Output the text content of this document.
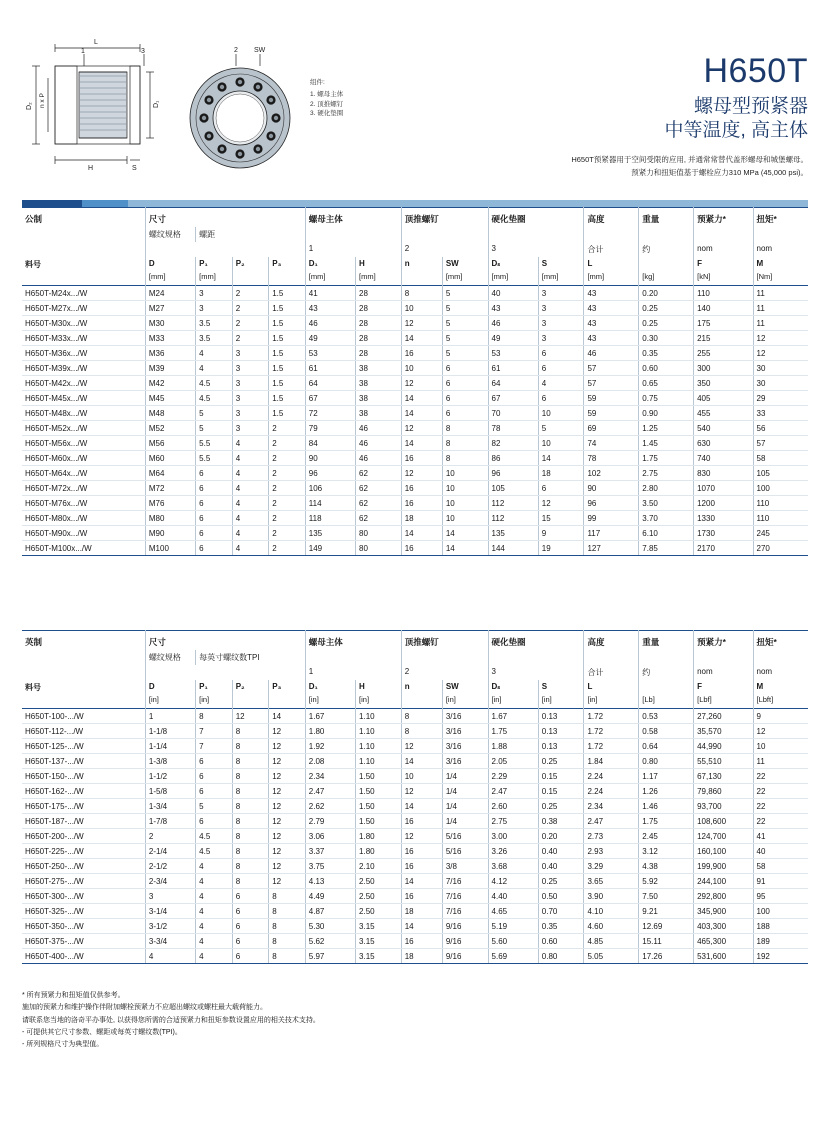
L
1	3
D₂ n x P	D₁
H	S
2 SW
组件:
1. 螺母主体
2. 顶推螺钉
3. 硬化垫圈
H650T
螺母型预紧器
中等温度, 高主体
H650T预紧器用于空间受限的应用, 并通常常替代盖形螺母和城堡螺母。
预紧力和扭矩值基于螺栓应力310 MPa (45,000 psi)。
公制	尺寸				螺母主体		顶推螺钉		硬化垫圈		高度	重量	预紧力*	扭矩*
	螺纹规格	螺距												
					1		2		3		合计	约	nom	nom
料号	D	P₁	P₂	P₃	D₁	H	n	SW	Dₛ	S	L		F	M
	[mm]	[mm]			[mm]	[mm]		[mm]	[mm]	[mm]	[mm]	[kg]	[kN]	[Nm]
H650T-M24x.../W	M24	3	2	1.5	41	28	8	5	40	3	43	0.20	110	11
H650T-M27x.../W	M27	3	2	1.5	43	28	10	5	43	3	43	0.25	140	11
H650T-M30x.../W	M30	3.5	2	1.5	46	28	12	5	46	3	43	0.25	175	11
H650T-M33x.../W	M33	3.5	2	1.5	49	28	14	5	49	3	43	0.30	215	12
H650T-M36x.../W	M36	4	3	1.5	53	28	16	5	53	6	46	0.35	255	12
H650T-M39x.../W	M39	4	3	1.5	61	38	10	6	61	6	57	0.60	300	30
H650T-M42x.../W	M42	4.5	3	1.5	64	38	12	6	64	4	57	0.65	350	30
H650T-M45x.../W	M45	4.5	3	1.5	67	38	14	6	67	6	59	0.75	405	29
H650T-M48x.../W	M48	5	3	1.5	72	38	14	6	70	10	59	0.90	455	33
H650T-M52x.../W	M52	5	3	2	79	46	12	8	78	5	69	1.25	540	56
H650T-M56x.../W	M56	5.5	4	2	84	46	14	8	82	10	74	1.45	630	57
H650T-M60x.../W	M60	5.5	4	2	90	46	16	8	86	14	78	1.75	740	58
H650T-M64x.../W	M64	6	4	2	96	62	12	10	96	18	102	2.75	830	105
H650T-M72x.../W	M72	6	4	2	106	62	16	10	105	6	90	2.80	1070	100
H650T-M76x.../W	M76	6	4	2	114	62	16	10	112	12	96	3.50	1200	110
H650T-M80x.../W	M80	6	4	2	118	62	18	10	112	15	99	3.70	1330	110
H650T-M90x.../W	M90	6	4	2	135	80	14	14	135	9	117	6.10	1730	245
H650T-M100x.../W	M100	6	4	2	149	80	16	14	144	19	127	7.85	2170	270
英制	尺寸				螺母主体		顶推螺钉		硬化垫圈		高度	重量	预紧力*	扭矩*
	螺纹规格	每英寸螺纹数TPI												
					1		2		3		合计	约	nom	nom
料号	D	P₁	P₂	P₃	D₁	H	n	SW	Dₛ	S	L		F	M
	[in]	[in]			[in]	[in]		[in]	[in]	[in]	[in]	[Lb]	[Lbf]	[Lbft]
H650T-100-.../W	1	8	12	14	1.67	1.10	8	3/16	1.67	0.13	1.72	0.53	27,260	9
H650T-112-.../W	1-1/8	7	8	12	1.80	1.10	8	3/16	1.75	0.13	1.72	0.58	35,570	12
H650T-125-.../W	1-1/4	7	8	12	1.92	1.10	12	3/16	1.88	0.13	1.72	0.64	44,990	10
H650T-137-.../W	1-3/8	6	8	12	2.08	1.10	14	3/16	2.05	0.25	1.84	0.80	55,510	11
H650T-150-.../W	1-1/2	6	8	12	2.34	1.50	10	1/4	2.29	0.15	2.24	1.17	67,130	22
H650T-162-.../W	1-5/8	6	8	12	2.47	1.50	12	1/4	2.47	0.15	2.24	1.26	79,860	22
H650T-175-.../W	1-3/4	5	8	12	2.62	1.50	14	1/4	2.60	0.25	2.34	1.46	93,700	22
H650T-187-.../W	1-7/8	6	8	12	2.79	1.50	16	1/4	2.75	0.38	2.47	1.75	108,600	22
H650T-200-.../W	2	4.5	8	12	3.06	1.80	12	5/16	3.00	0.20	2.73	2.45	124,700	41
H650T-225-.../W	2-1/4	4.5	8	12	3.37	1.80	16	5/16	3.26	0.40	2.93	3.12	160,100	40
H650T-250-.../W	2-1/2	4	8	12	3.75	2.10	16	3/8	3.68	0.40	3.29	4.38	199,900	58
H650T-275-.../W	2-3/4	4	8	12	4.13	2.50	14	7/16	4.12	0.25	3.65	5.92	244,100	91
H650T-300-.../W	3	4	6	8	4.49	2.50	16	7/16	4.40	0.50	3.90	7.50	292,800	95
H650T-325-.../W	3-1/4	4	6	8	4.87	2.50	18	7/16	4.65	0.70	4.10	9.21	345,900	100
H650T-350-.../W	3-1/2	4	6	8	5.30	3.15	14	9/16	5.19	0.35	4.60	12.69	403,300	188
H650T-375-.../W	3-3/4	4	6	8	5.62	3.15	16	9/16	5.60	0.60	4.85	15.11	465,300	189
H650T-400-.../W	4	4	6	8	5.97	3.15	18	9/16	5.69	0.80	5.05	17.26	531,600	192
* 所有预紧力和扭矩值仅供参考。
施加的预紧力和维护操作伴附加螺栓预紧力不应超出螺纹或螺柱最大载荷能力。
请联系您当地的洛奇平办事处, 以获得您所需的合适预紧力和扭矩参数设置应用的相关技术支持。
- 可提供其它尺寸参数、螺距或每英寸螺纹数(TPI)。
- 所列规格尺寸为典型值。
